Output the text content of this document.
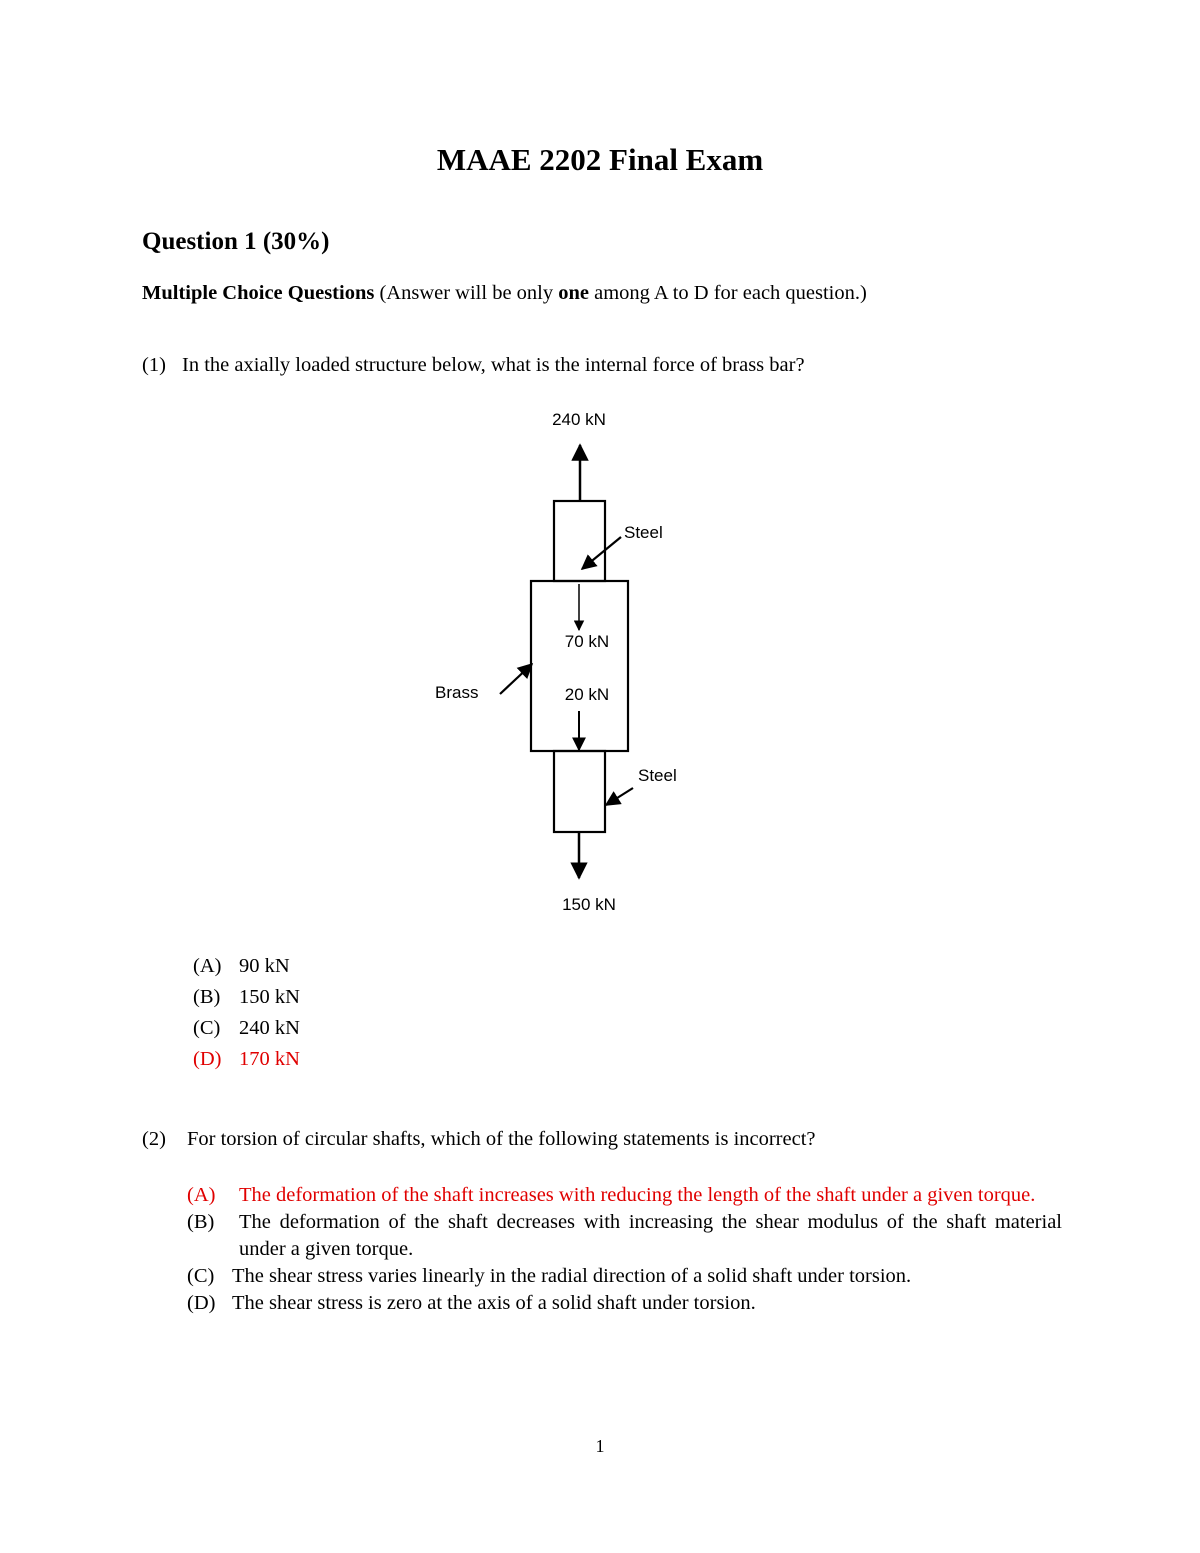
MAAE 2202 Final Exam
Question 1 (30%)
Multiple Choice Questions (Answer will be only one among A to D for each question.)
(1) In the axially loaded structure below, what is the internal force of brass bar?
240 kN
Steel
70 kN
20 kN
Brass
Steel
150 kN
(A) 90 kN
(B) 150 kN
(C) 240 kN
(D) 170 kN
(2) For torsion of circular shafts, which of the following statements is incorrect?
(A) The deformation of the shaft increases with reducing the length of the shaft under a given torque.
(B) The deformation of the shaft decreases with increasing the shear modulus of the shaft material under a given torque.
(C) The shear stress varies linearly in the radial direction of a solid shaft under torsion.
(D) The shear stress is zero at the axis of a solid shaft under torsion.
1
